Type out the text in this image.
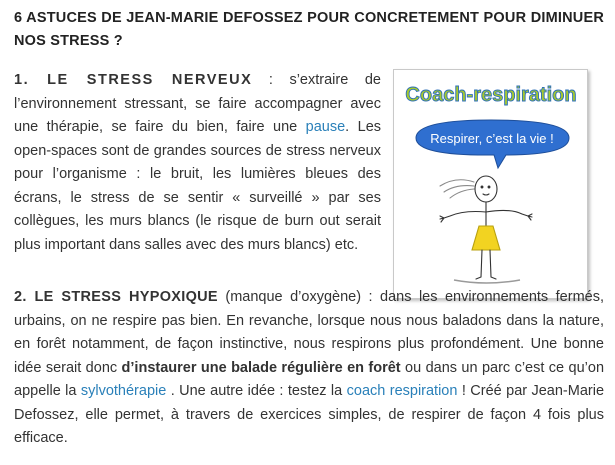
6 ASTUCES DE JEAN-MARIE DEFOSSEZ POUR CONCRETEMENT POUR DIMINUER NOS STRESS ?

1. LE STRESS NERVEUX : s’extraire de l’environnement stressant, se faire accompagner avec une thérapie, se faire du bien, faire une pause. Les open-spaces sont de grandes sources de stress nerveux pour l’organisme : le bruit, les lumières bleues des écrans, le stress de se sentir « surveillé » par ses collègues, les murs blancs (le risque de burn out serait plus important dans salles avec des murs blancs) etc.

Coach-respiration
Respirer, c’est la vie !

2. LE STRESS HYPOXIQUE (manque d’oxygène) : dans les environnements fermés, urbains, on ne respire pas bien. En revanche, lorsque nous nous baladons dans la nature, en forêt notamment, de façon instinctive, nous respirons plus profondément. Une bonne idée serait donc d’instaurer une balade régulière en forêt ou dans un parc c’est ce qu’on appelle la sylvothérapie . Une autre idée : testez la coach respiration ! Créé par Jean-Marie Defossez, elle permet, à travers de exercices simples, de respirer de façon 4 fois plus efficace.
